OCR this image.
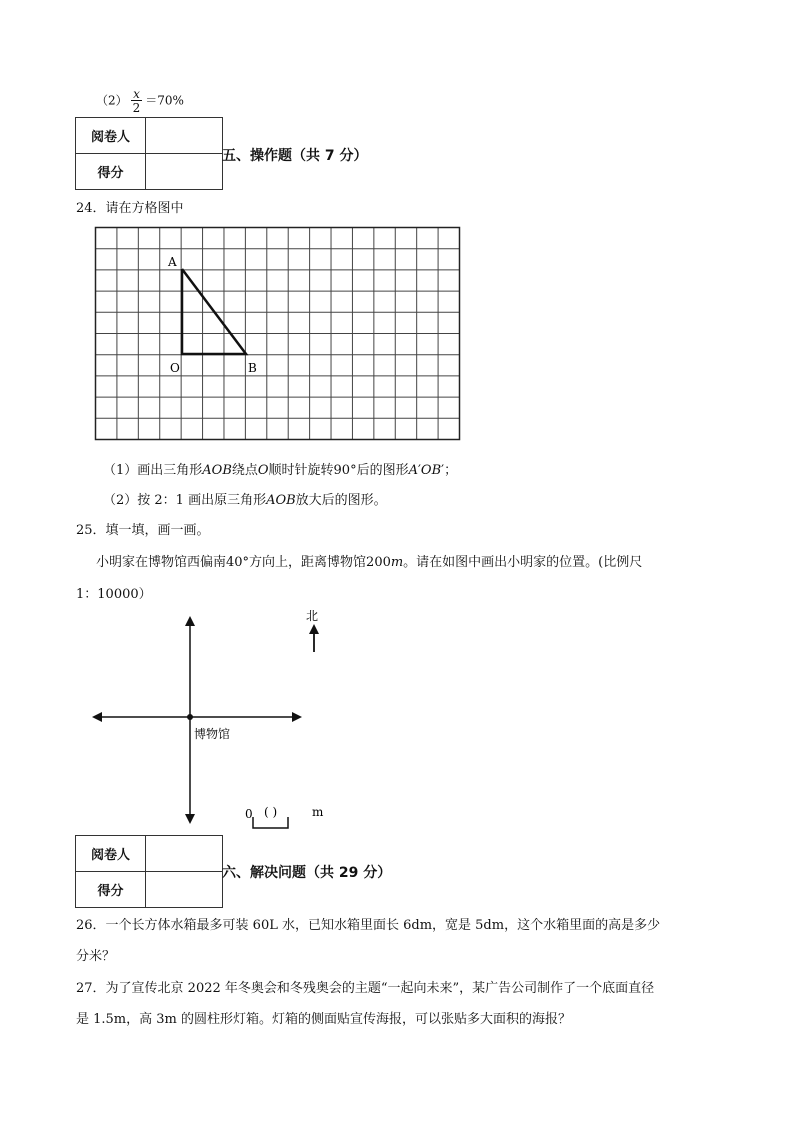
$(2) \frac{x}{2} =70\%$
阅卷人	
得分	
五、操作题（共 7 分）
24．请在方格图中
A
O	B
（1）画出三角形𝐴𝑂𝐵绕点𝑂顺时针旋转90°后的图形𝐴′𝑂𝐵′；
（2）按 2：1 画出原三角形𝐴𝑂𝐵放大后的图形。
25．填一填，画一画。
小明家在博物馆西偏南40°方向上，距离博物馆200𝑚。请在如图中画出小明家的位置。(比例尺
1：10000）
博物馆
北
0 ( )	m
阅卷人	
得分	
六、解决问题（共 29 分）
26．一个长方体水箱最多可装 60L 水，已知水箱里面长 6dm，宽是 5dm，这个水箱里面的高是多少
分米？
27．为了宣传北京 2022 年冬奥会和冬残奥会的主题“一起向未来”，某广告公司制作了一个底面直径
是 1.5m，高 3m 的圆柱形灯箱。灯箱的侧面贴宣传海报，可以张贴多大面积的海报？
